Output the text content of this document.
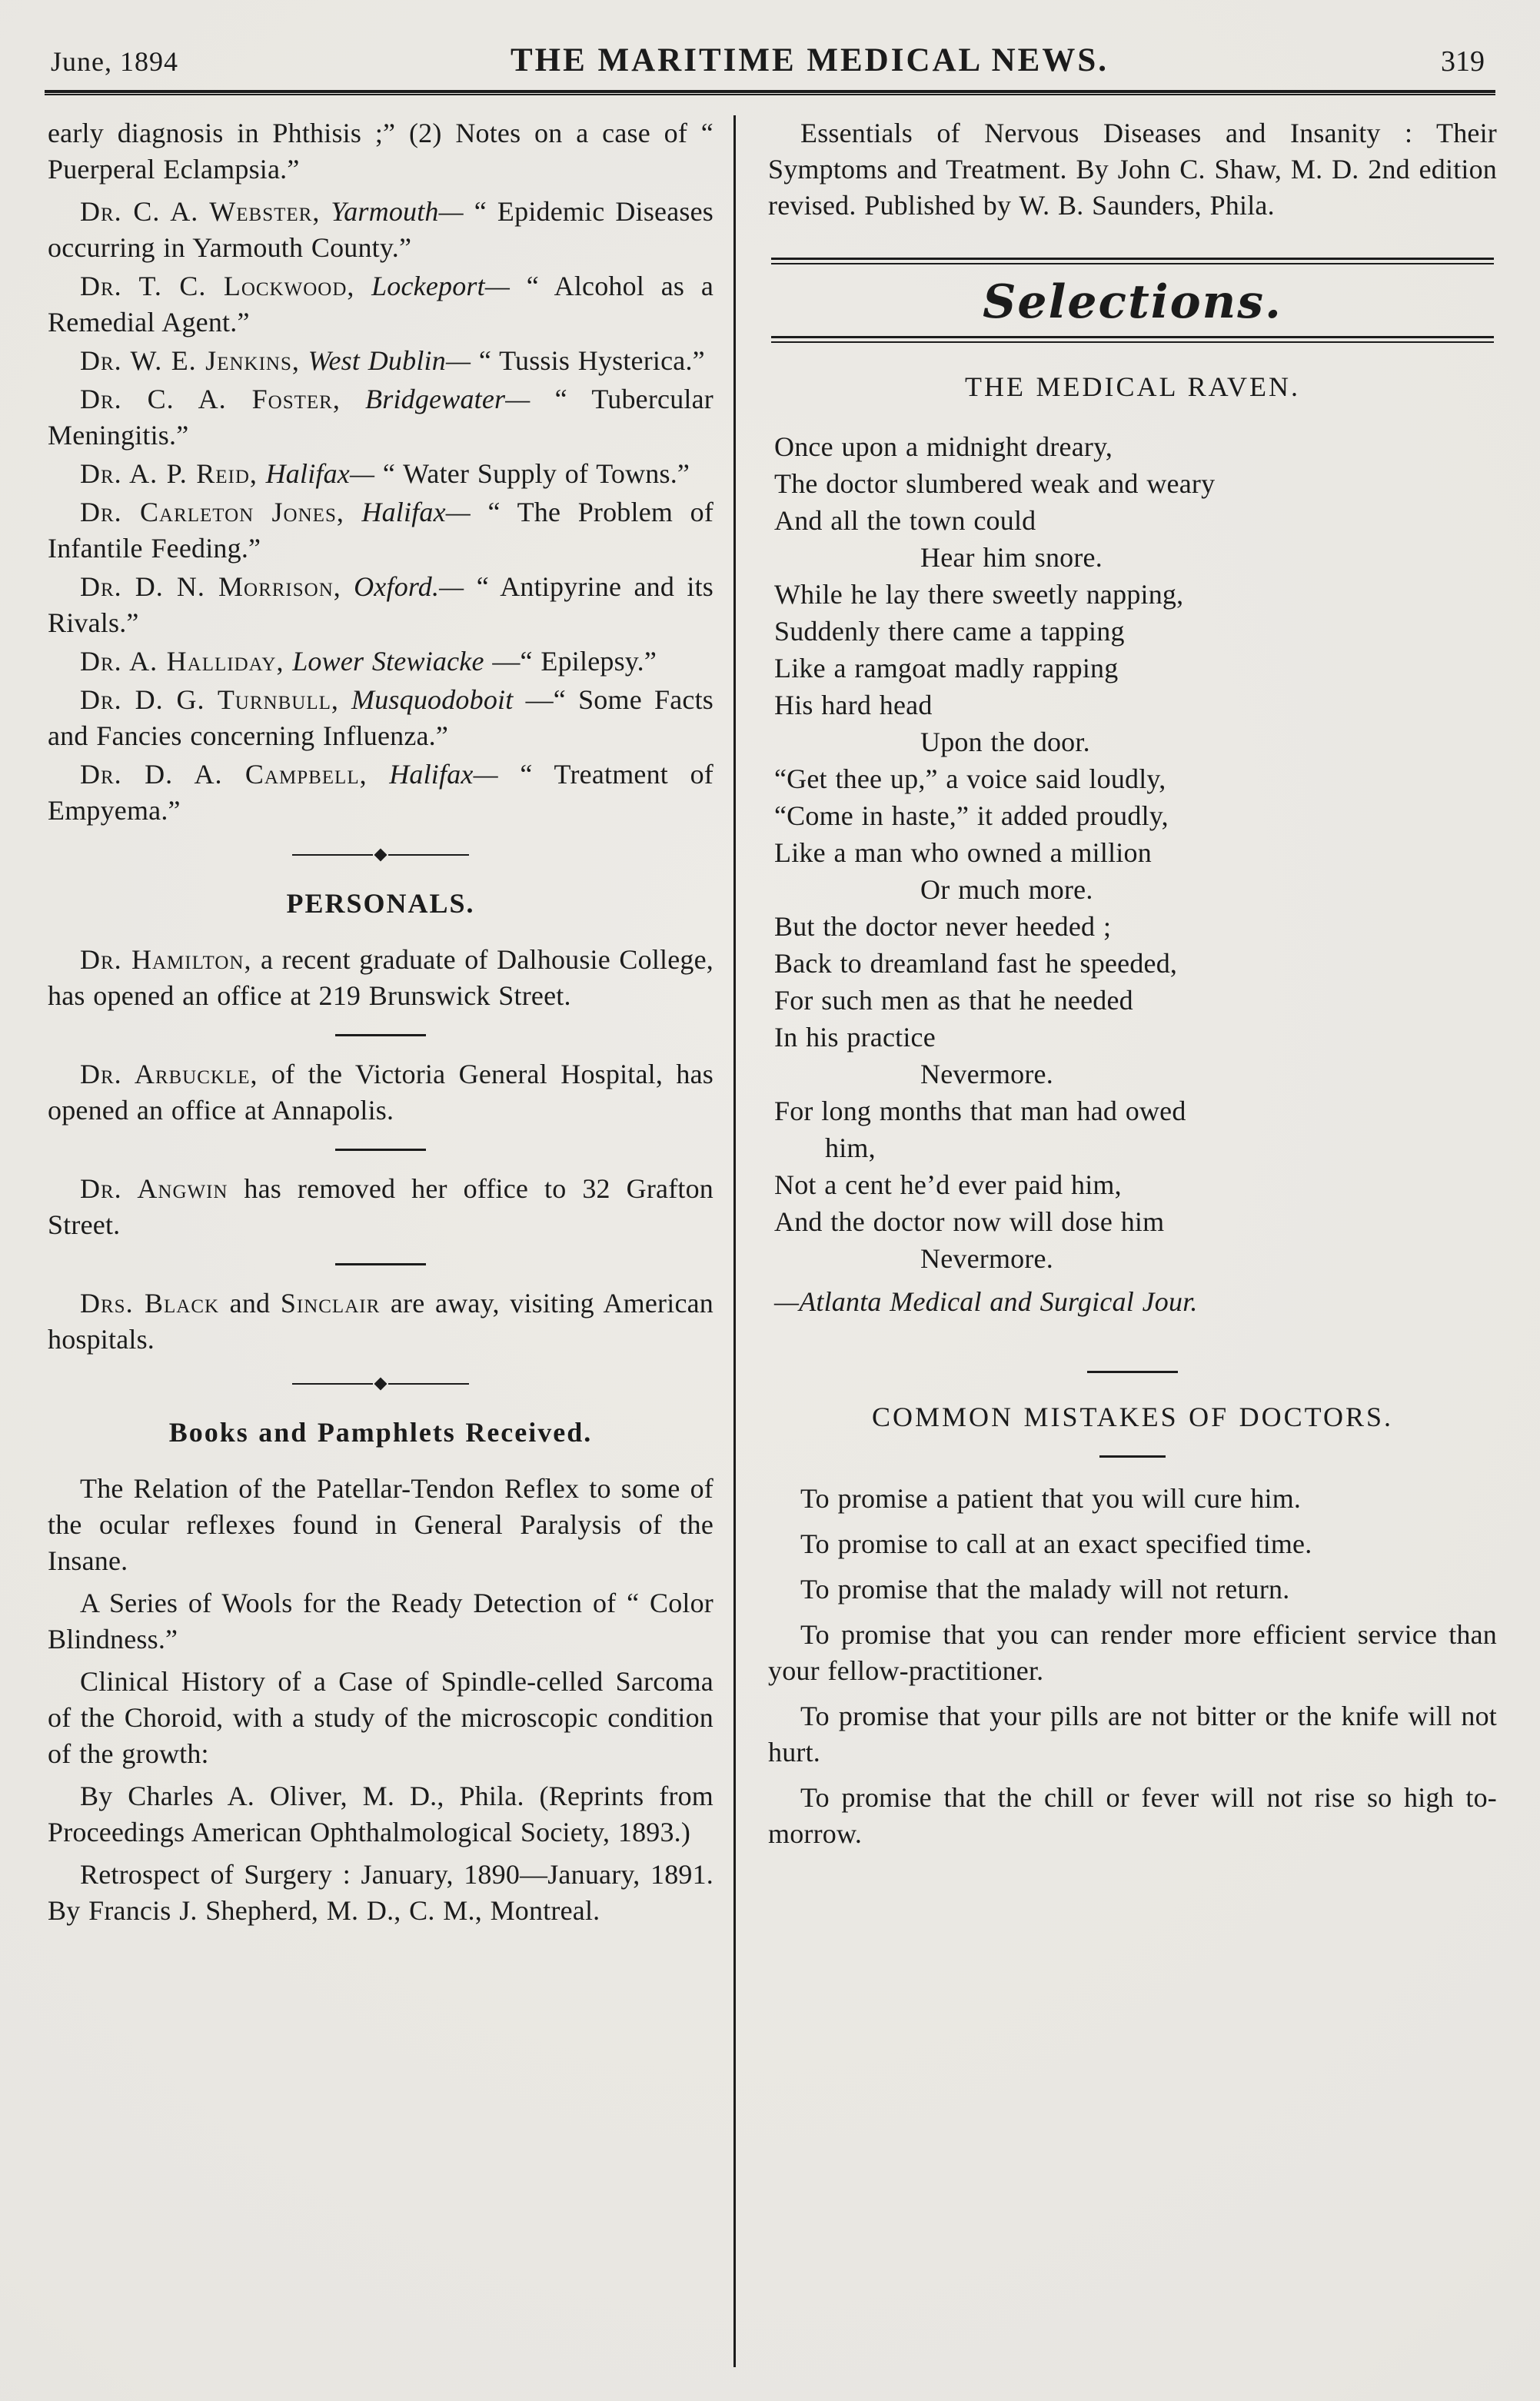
June, 1894	THE MARITIME MEDICAL NEWS.	319

early diagnosis in Phthisis ;” (2) Notes on a case of “ Puerperal Eclampsia.”

Dr. C. A. Webster, Yarmouth— “ Epidemic Diseases occurring in Yarmouth County.”

Dr. T. C. Lockwood, Lockeport— “ Alcohol as a Remedial Agent.”

Dr. W. E. Jenkins, West Dublin— “ Tussis Hysterica.”

Dr. C. A. Foster, Bridgewater— “ Tubercular Meningitis.”

Dr. A. P. Reid, Halifax— “ Water Supply of Towns.”

Dr. Carleton Jones, Halifax— “ The Problem of Infantile Feeding.”

Dr. D. N. Morrison, Oxford.— “ Antipyrine and its Rivals.”

Dr. A. Halliday, Lower Stewiacke —“ Epilepsy.”

Dr. D. G. Turnbull, Musquodoboit —“ Some Facts and Fancies concerning Influenza.”

Dr. D. A. Campbell, Halifax— “ Treatment of Empyema.”

PERSONALS.

Dr. Hamilton, a recent graduate of Dalhousie College, has opened an office at 219 Brunswick Street.

Dr. Arbuckle, of the Victoria General Hospital, has opened an office at Annapolis.

Dr. Angwin has removed her office to 32 Grafton Street.

Drs. Black and Sinclair are away, visiting American hospitals.

Books and Pamphlets Received.

The Relation of the Patellar-Tendon Reflex to some of the ocular reflexes found in General Paralysis of the Insane.

A Series of Wools for the Ready Detection of “ Color Blindness.”

Clinical History of a Case of Spindle-celled Sarcoma of the Choroid, with a study of the microscopic condition of the growth:

By Charles A. Oliver, M. D., Phila. (Reprints from Proceedings American Ophthalmological Society, 1893.)

Retrospect of Surgery : January, 1890—January, 1891. By Francis J. Shepherd, M. D., C. M., Montreal.

Essentials of Nervous Diseases and Insanity : Their Symptoms and Treatment. By John C. Shaw, M. D. 2nd edition revised. Published by W. B. Saunders, Phila.

Selections.
THE MEDICAL RAVEN.
Once upon a midnight dreary,
The doctor slumbered weak and weary
And all the town could
Hear him snore.
While he lay there sweetly napping,
Suddenly there came a tapping
Like a ramgoat madly rapping
His hard head
Upon the door.
“Get thee up,” a voice said loudly,
“Come in haste,” it added proudly,
Like a man who owned a million
Or much more.
But the doctor never heeded ;
Back to dreamland fast he speeded,
For such men as that he needed
In his practice
Nevermore.
For long months that man had owed
him,
Not a cent he’d ever paid him,
And the doctor now will dose him
Nevermore.
—Atlanta Medical and Surgical Jour.
COMMON MISTAKES OF DOCTORS.

To promise a patient that you will cure him.

To promise to call at an exact specified time.

To promise that the malady will not return.

To promise that you can render more efficient service than your fellow-practitioner.

To promise that your pills are not bitter or the knife will not hurt.

To promise that the chill or fever will not rise so high to-morrow.
